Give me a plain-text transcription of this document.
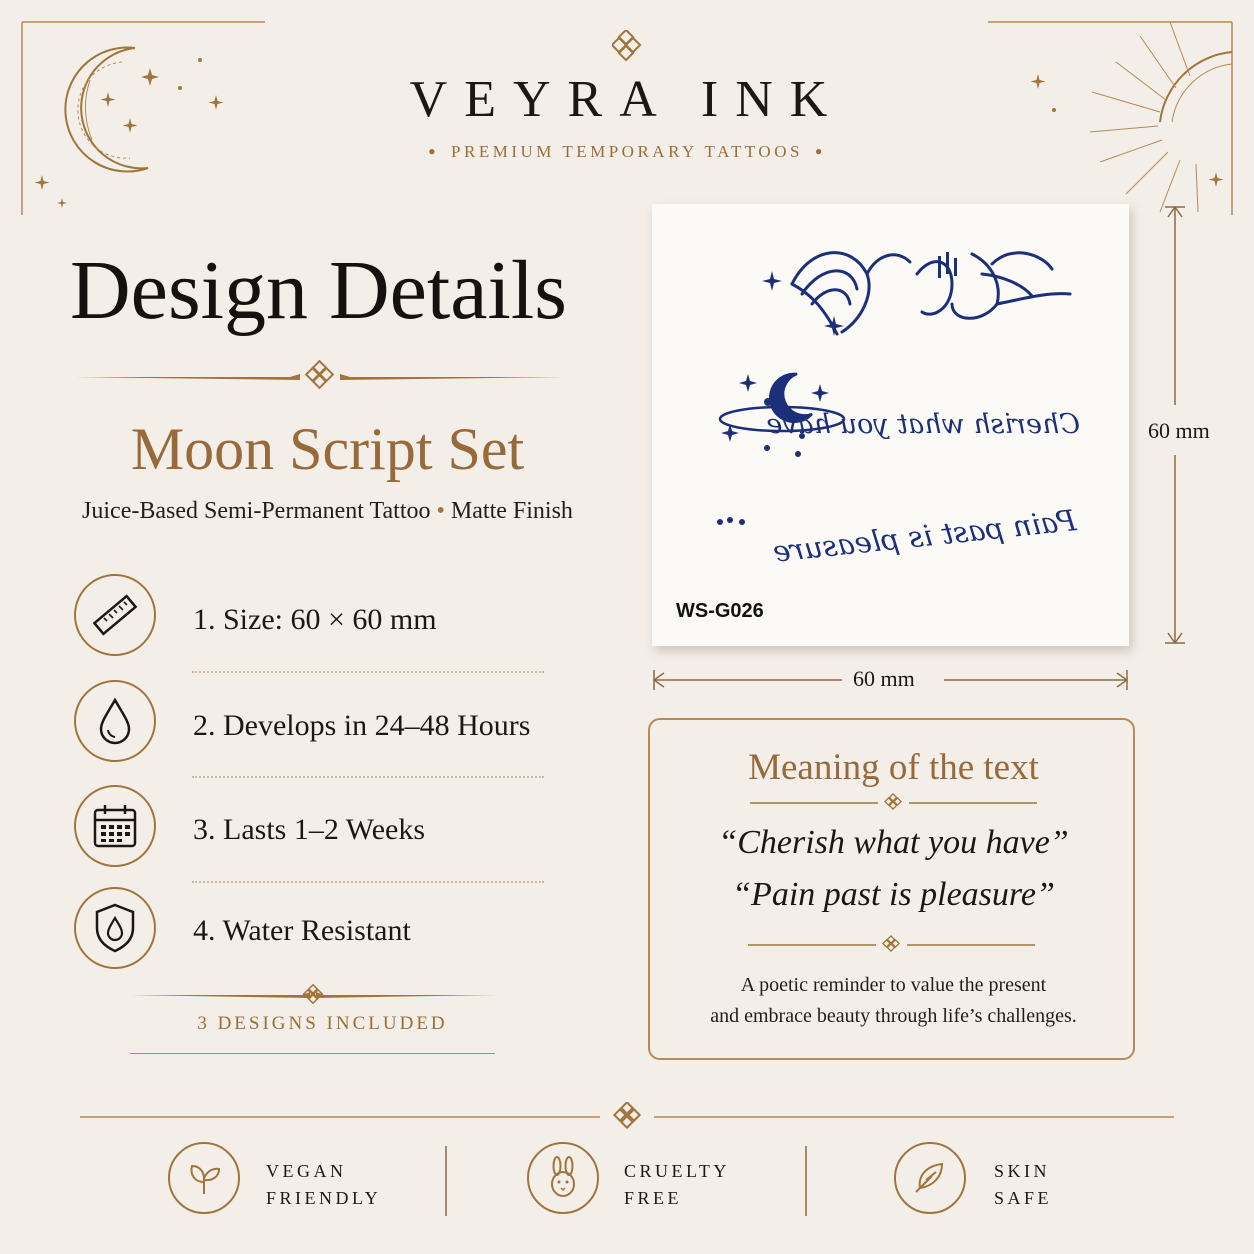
VEYRA INK
● PREMIUM TEMPORARY TATTOOS ●
Design Details
Moon Script Set
Juice-Based Semi-Permanent Tattoo • Matte Finish
1. Size: 60 × 60 mm
2. Develops in 24–48 Hours
3. Lasts 1–2 Weeks
4. Water Resistant
3 DESIGNS INCLUDED
Cherish what you have
Pain past is pleasure
WS-G026
60 mm
60 mm
Meaning of the text
“Cherish what you have”
“Pain past is pleasure”
A poetic reminder to value the present
and embrace beauty through life’s challenges.
VEGAN
FRIENDLY
CRUELTY
FREE
SKIN
SAFE
